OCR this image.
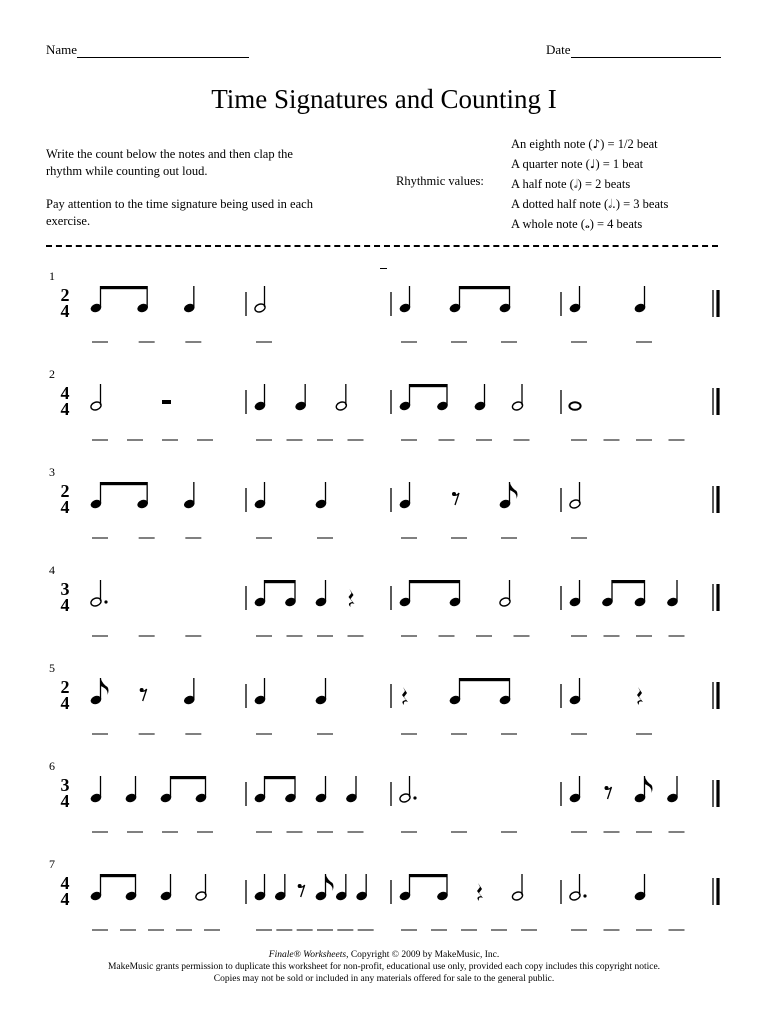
Name	Date
Time Signatures and Counting I
Write the count below the notes and then clap the rhythm while counting out loud.
Pay attention to the time signature being used in each exercise.
Rhythmic values:
An eighth note (♪) = 1/2 beat
A quarter note (♩) = 1 beat
A half note (𝅗𝅥) = 2 beats
A dotted half note (𝅗𝅥.) = 3 beats
A whole note (𝅝) = 4 beats
1
2
4
2
4
4
3
2
4
4
3
4
5
2
4
6
3
4
7
4
4
Finale® Worksheets, Copyright © 2009 by MakeMusic, Inc.
MakeMusic grants permission to duplicate this worksheet for non-profit, educational use only, provided each copy includes this copyright notice.
Copies may not be sold or included in any materials offered for sale to the general public.
